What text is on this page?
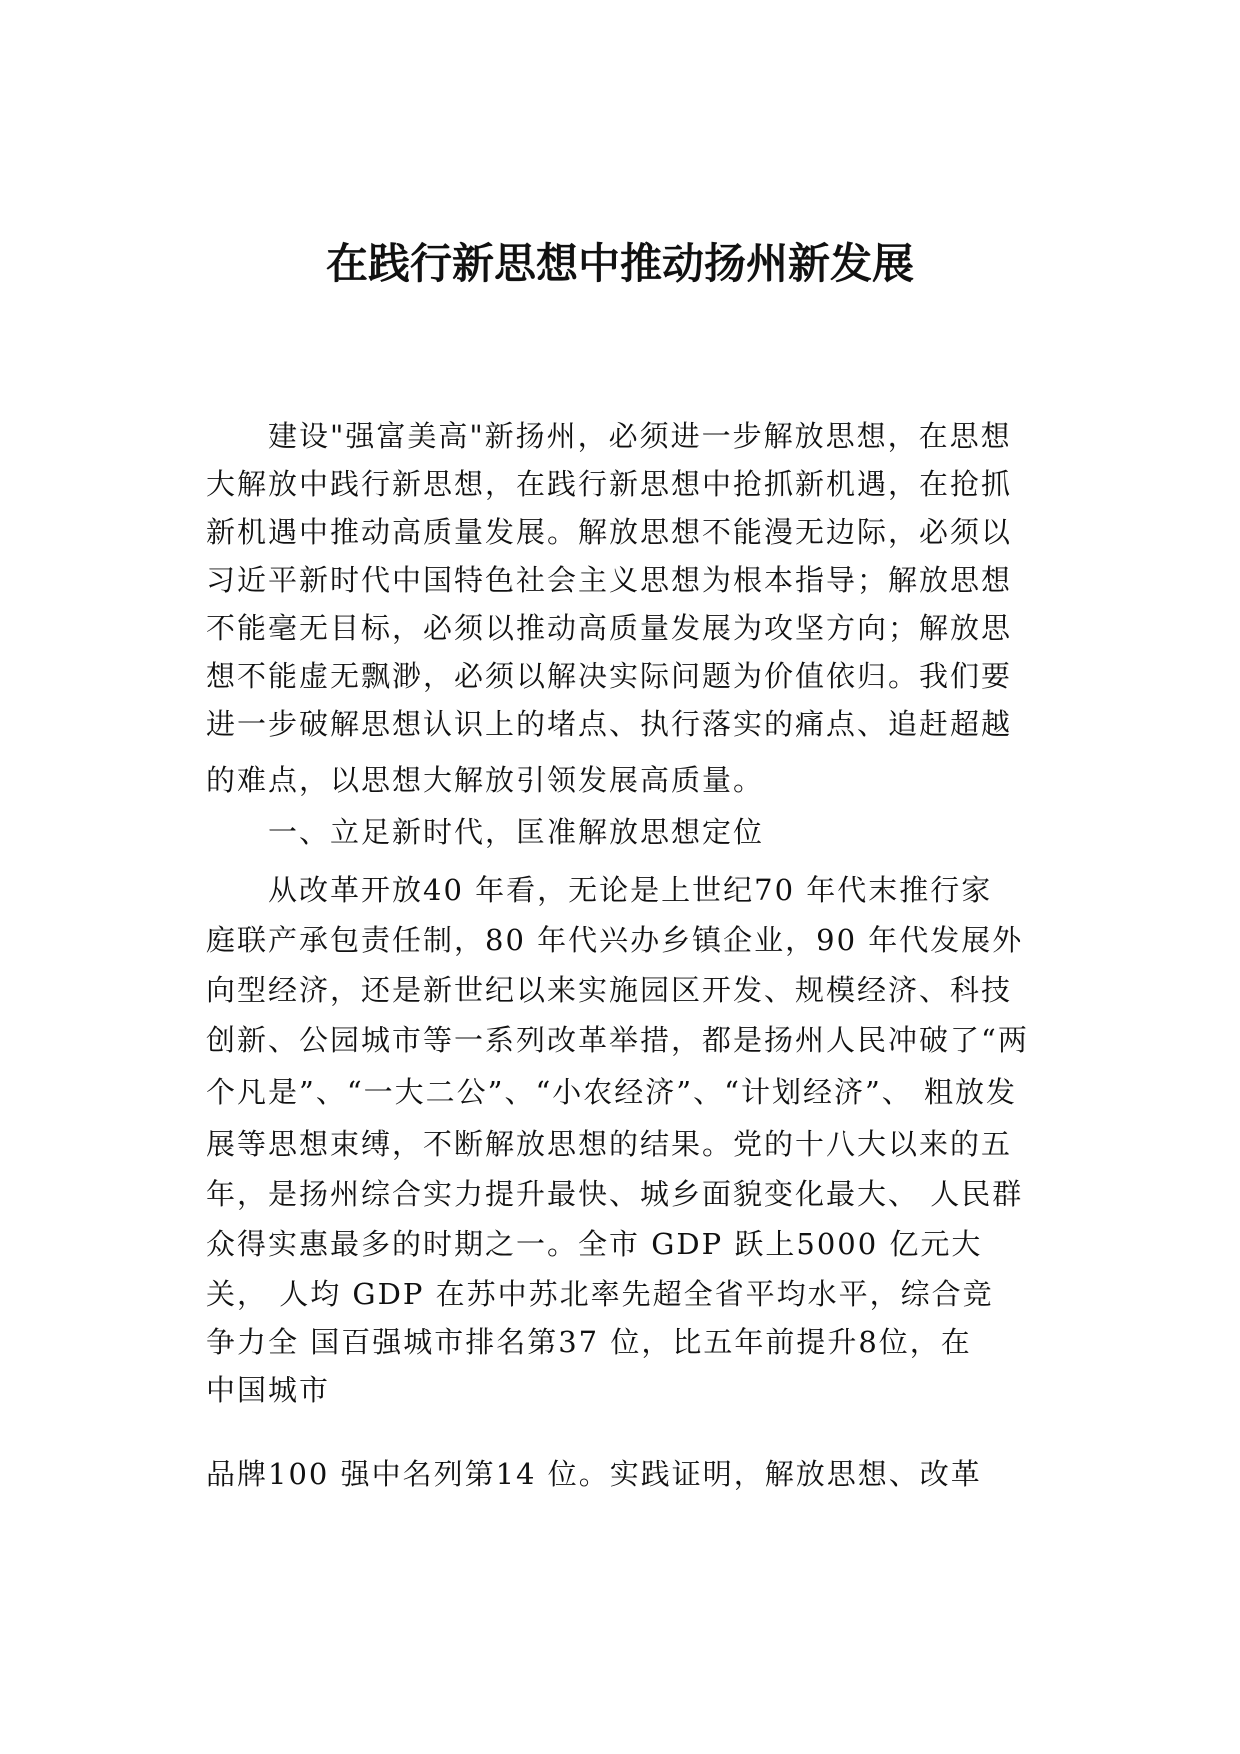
在践行新思想中推动扬州新发展

建设"强富美高"新扬州，必须进一步解放思想，在思想

大解放中践行新思想，在践行新思想中抢抓新机遇，在抢抓

新机遇中推动高质量发展。解放思想不能漫无边际，必须以

习近平新时代中国特色社会主义思想为根本指导；解放思想

不能毫无目标，必须以推动高质量发展为攻坚方向；解放思

想不能虚无飘渺，必须以解决实际问题为价值依归。我们要

进一步破解思想认识上的堵点、执行落实的痛点、追赶超越

的难点，以思想大解放引领发展高质量。

一、立足新时代，匡准解放思想定位

从改革开放40 年看，无论是上世纪70 年代末推行家

庭联产承包责任制，80 年代兴办乡镇企业，90 年代发展外

向型经济，还是新世纪以来实施园区开发、规模经济、科技

创新、公园城市等一系列改革举措，都是扬州人民冲破了“两

个凡是”、“一大二公”、“小农经济”、“计划经济”、 粗放发

展等思想束缚，不断解放思想的结果。党的十八大以来的五

年，是扬州综合实力提升最快、城乡面貌变化最大、 人民群

众得实惠最多的时期之一。全市 GDP 跃上5000 亿元大

关， 人均 GDP 在苏中苏北率先超全省平均水平，综合竞

争力全 国百强城市排名第37 位，比五年前提升8位，在

中国城市

品牌100 强中名列第14 位。实践证明，解放思想、改革
